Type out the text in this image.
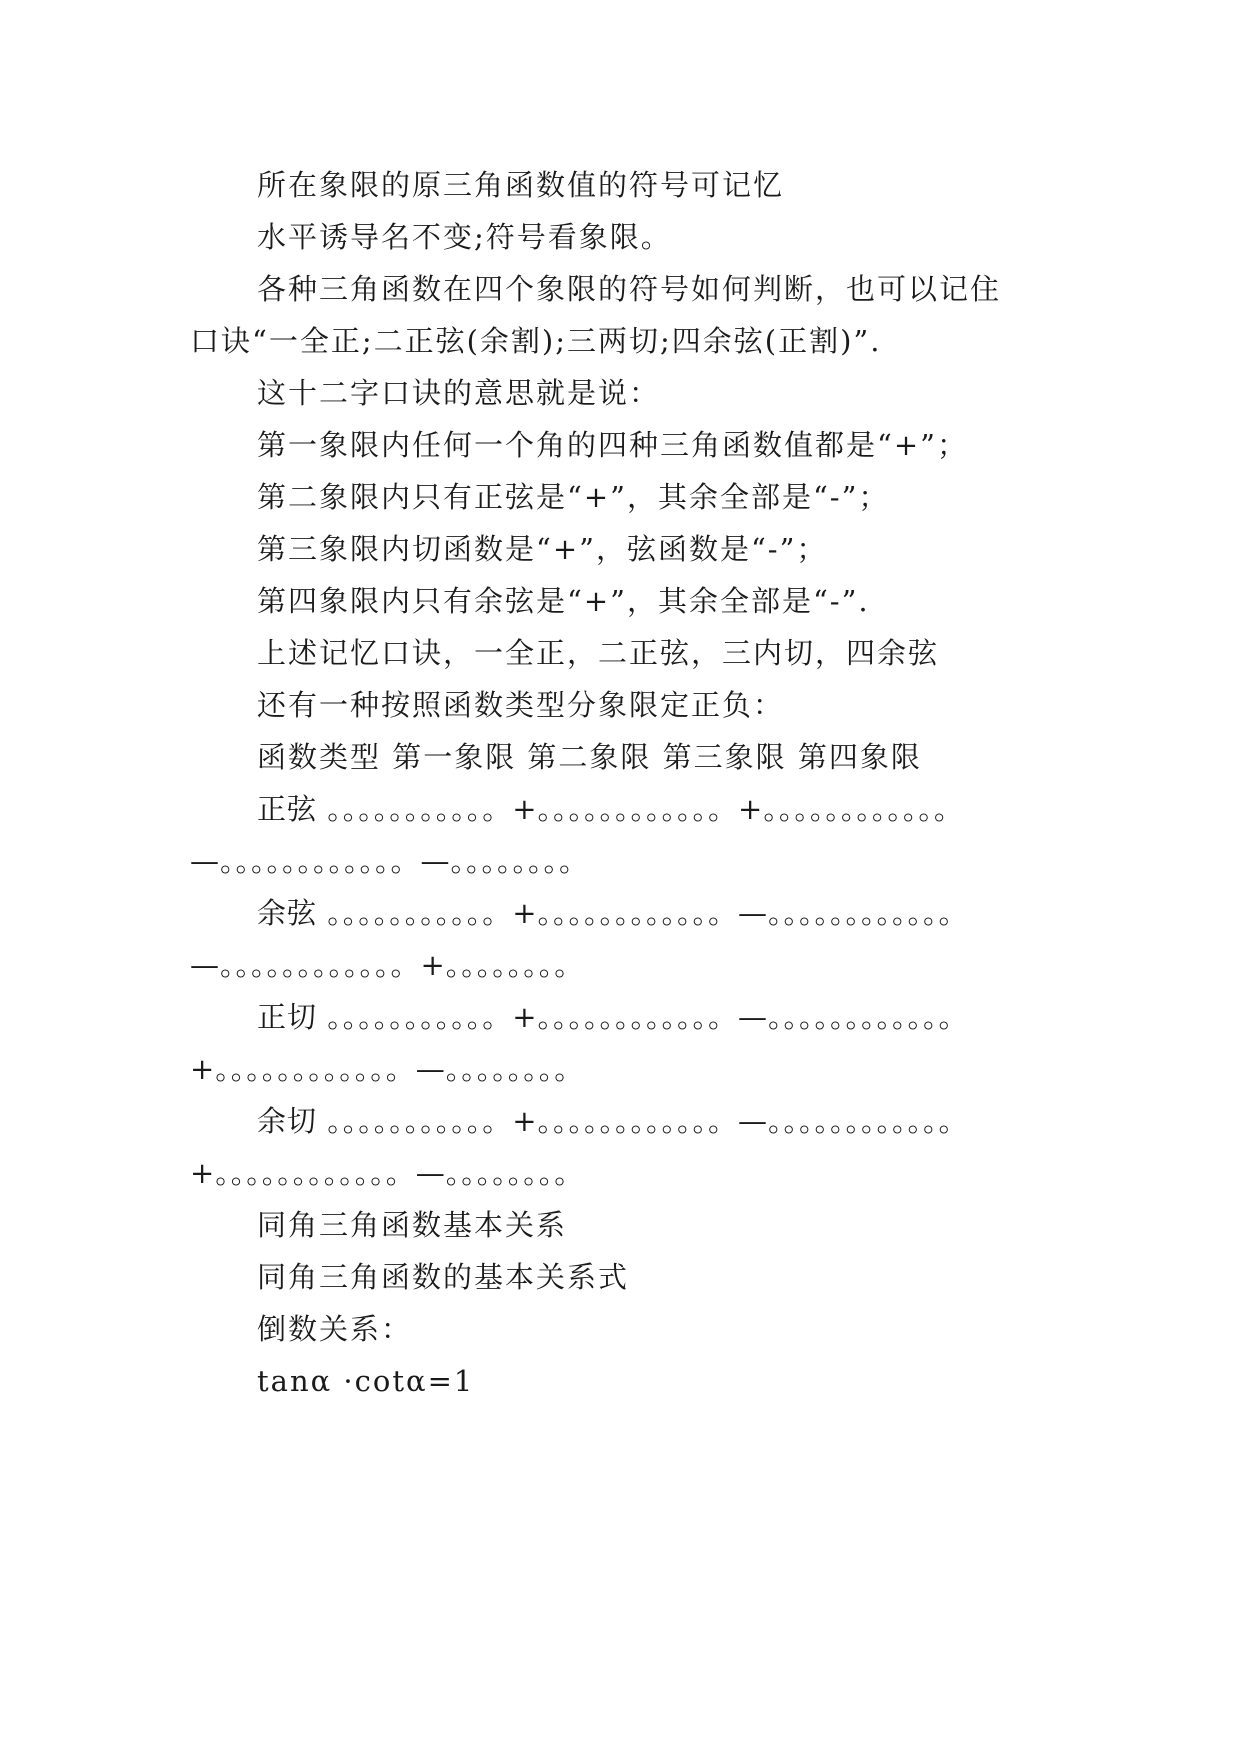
所在象限的原三角函数值的符号可记忆
水平诱导名不变;符号看象限。
各种三角函数在四个象限的符号如何判断，也可以记住
口诀“一全正;二正弦(余割);三两切;四余弦(正割)”.
这十二字口诀的意思就是说：
第一象限内任何一个角的四种三角函数值都是“+”；
第二象限内只有正弦是“+”，其余全部是“-”；
第三象限内切函数是“+”，弦函数是“-”；
第四象限内只有余弦是“+”，其余全部是“-”.
上述记忆口诀，一全正，二正弦，三内切，四余弦
还有一种按照函数类型分象限定正负：
函数类型 第一象限 第二象限 第三象限 第四象限
正弦 。。。。。。。。。。。+。。。。。。。。。。。。+。。。。。。。。。。。。
—。。。。。。。。。。。。—。。。。。。。。
余弦 。。。。。。。。。。。+。。。。。。。。。。。。—。。。。。。。。。。。。
—。。。。。。。。。。。。+。。。。。。。。
正切 。。。。。。。。。。。+。。。。。。。。。。。。—。。。。。。。。。。。。
+。。。。。。。。。。。。—。。。。。。。。
余切 。。。。。。。。。。。+。。。。。。。。。。。。—。。。。。。。。。。。。
+。。。。。。。。。。。。—。。。。。。。。
同角三角函数基本关系
同角三角函数的基本关系式
倒数关系：
tanα ·cotα=1
